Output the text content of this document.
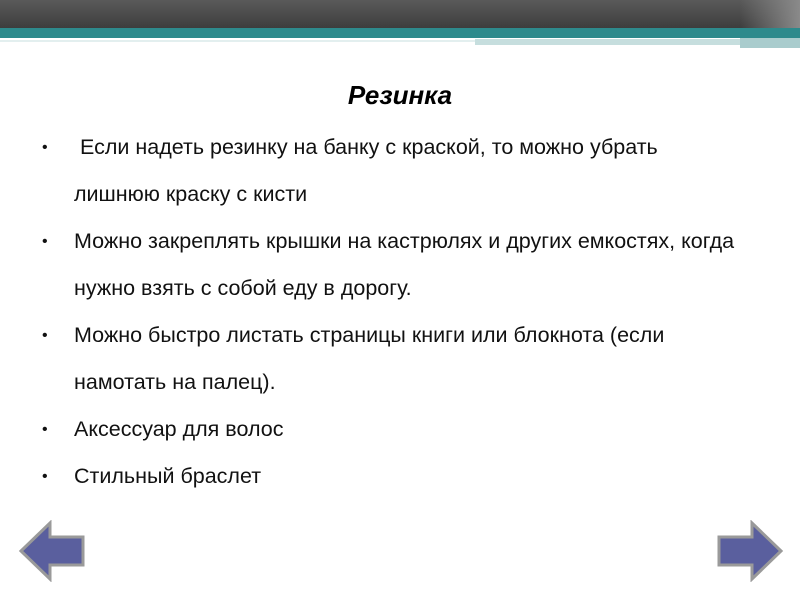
Резинка
• Если надеть резинку на банку с краской, то можно убрать лишнюю краску с кисти
• Можно закреплять крышки на кастрюлях и других емкостях, когда нужно взять с собой еду в дорогу.
• Можно быстро листать страницы книги или блокнота (если намотать на палец).
• Аксессуар для волос
• Стильный браслет
